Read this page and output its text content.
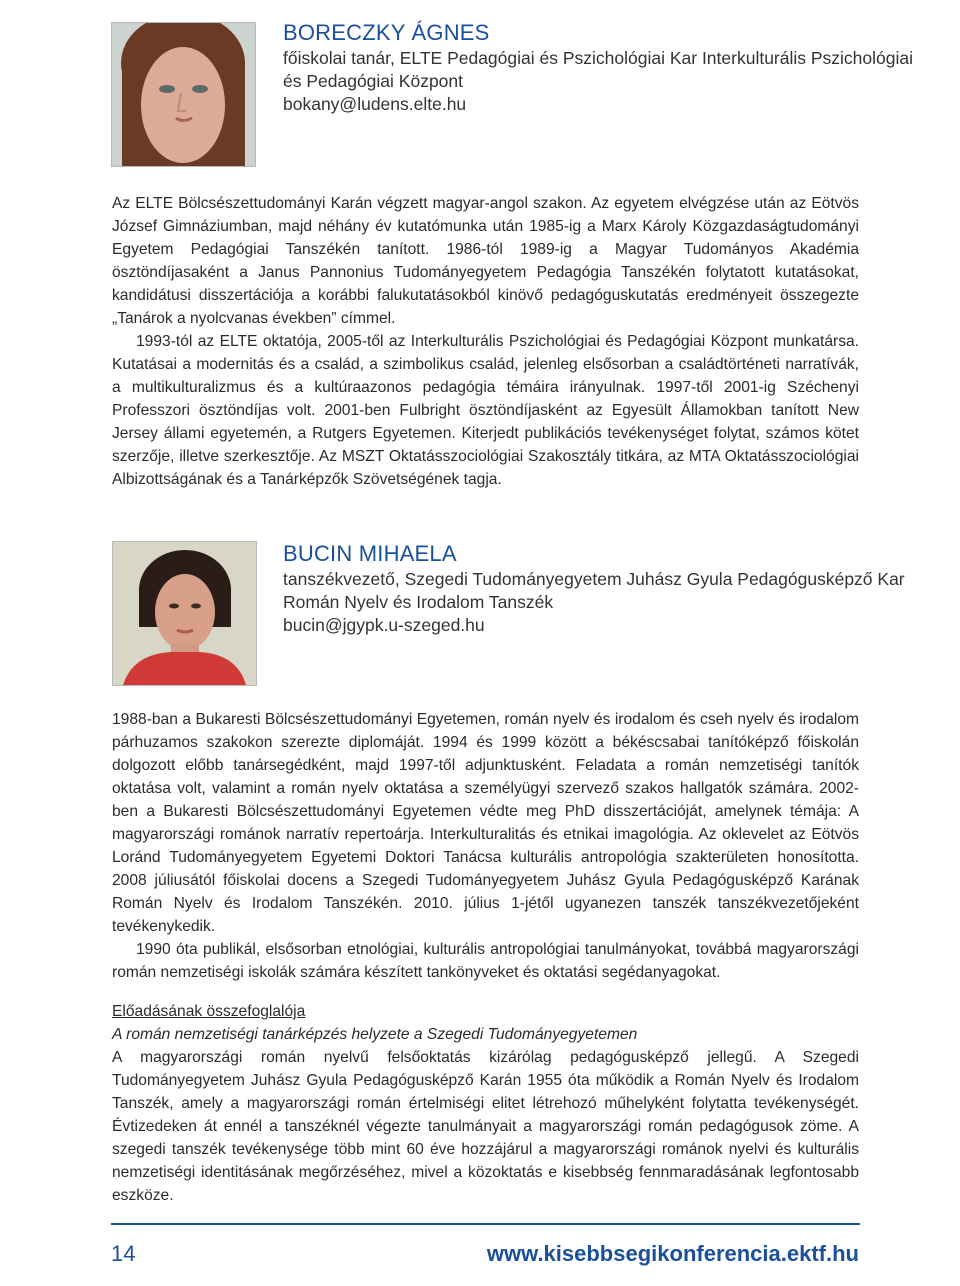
BORECZKY ÁGNES
főiskolai tanár, ELTE Pedagógiai és Pszichológiai Kar Interkulturális Pszichológiai és Pedagógiai Központ
bokany@ludens.elte.hu

Az ELTE Bölcsészettudományi Karán végzett magyar-angol szakon. Az egyetem elvégzése után az Eötvös József Gimnáziumban, majd néhány év kutatómunka után 1985-ig a Marx Károly Közgazdaságtudományi Egyetem Pedagógiai Tanszékén tanított. 1986-tól 1989-ig a Magyar Tudományos Akadémia ösztöndíjasaként a Janus Pannonius Tudományegyetem Pedagógia Tanszékén folytatott kutatásokat, kandidátusi disszertációja a korábbi falukutatásokból kinövő pedagóguskutatás eredményeit összegezte „Tanárok a nyolcvanas években” címmel.

1993-tól az ELTE oktatója, 2005-től az Interkulturális Pszichológiai és Pedagógiai Központ munkatársa. Kutatásai a modernitás és a család, a szimbolikus család, jelenleg elsősorban a családtörténeti narratívák, a multikulturalizmus és a kultúraazonos pedagógia témáira irányulnak. 1997-től 2001-ig Széchenyi Professzori ösztöndíjas volt. 2001-ben Fulbright ösztöndíjasként az Egyesült Államokban tanított New Jersey állami egyetemén, a Rutgers Egyetemen. Kiterjedt publikációs tevékenységet folytat, számos kötet szerzője, illetve szerkesztője. Az MSZT Oktatásszociológiai Szakosztály titkára, az MTA Oktatásszociológiai Albizottságának és a Tanárképzők Szövetségének tagja.

BUCIN MIHAELA
tanszékvezető, Szegedi Tudományegyetem Juhász Gyula Pedagógusképző Kar Román Nyelv és Irodalom Tanszék
bucin@jgypk.u-szeged.hu

1988-ban a Bukaresti Bölcsészettudományi Egyetemen, román nyelv és irodalom és cseh nyelv és irodalom párhuzamos szakokon szerezte diplomáját. 1994 és 1999 között a békéscsabai tanítóképző főiskolán dolgozott előbb tanársegédként, majd 1997-től adjunktusként. Feladata a román nemzetiségi tanítók oktatása volt, valamint a román nyelv oktatása a személyügyi szervező szakos hallgatók számára. 2002-ben a Bukaresti Bölcsészettudományi Egyetemen védte meg PhD disszertációját, amelynek témája: A magyarországi románok narratív repertoárja. Interkulturalitás és etnikai imagológia. Az oklevelet az Eötvös Loránd Tudományegyetem Egyetemi Doktori Tanácsa kulturális antropológia szakterületen honosította. 2008 júliusától főiskolai docens a Szegedi Tudományegyetem Juhász Gyula Pedagógusképző Karának Román Nyelv és Irodalom Tanszékén. 2010. július 1-jétől ugyanezen tanszék tanszékvezetőjeként tevékenykedik.

1990 óta publikál, elsősorban etnológiai, kulturális antropológiai tanulmányokat, továbbá magyarországi román nemzetiségi iskolák számára készített tankönyveket és oktatási segédanyagokat.

Előadásának összefoglalója

A román nemzetiségi tanárképzés helyzete a Szegedi Tudományegyetemen

A magyarországi román nyelvű felsőoktatás kizárólag pedagógusképző jellegű. A Szegedi Tudományegyetem Juhász Gyula Pedagógusképző Karán 1955 óta működik a Román Nyelv és Irodalom Tanszék, amely a magyarországi román értelmiségi elitet létrehozó műhelyként folytatta tevékenységét. Évtizedeken át ennél a tanszéknél végezte tanulmányait a magyarországi román pedagógusok zöme. A szegedi tanszék tevékenysége több mint 60 éve hozzájárul a magyarországi románok nyelvi és kulturális nemzetiségi identitásának megőrzéséhez, mivel a közoktatás e kisebbség fennmaradásának legfontosabb eszköze.

14	www.kisebbsegikonferencia.ektf.hu
